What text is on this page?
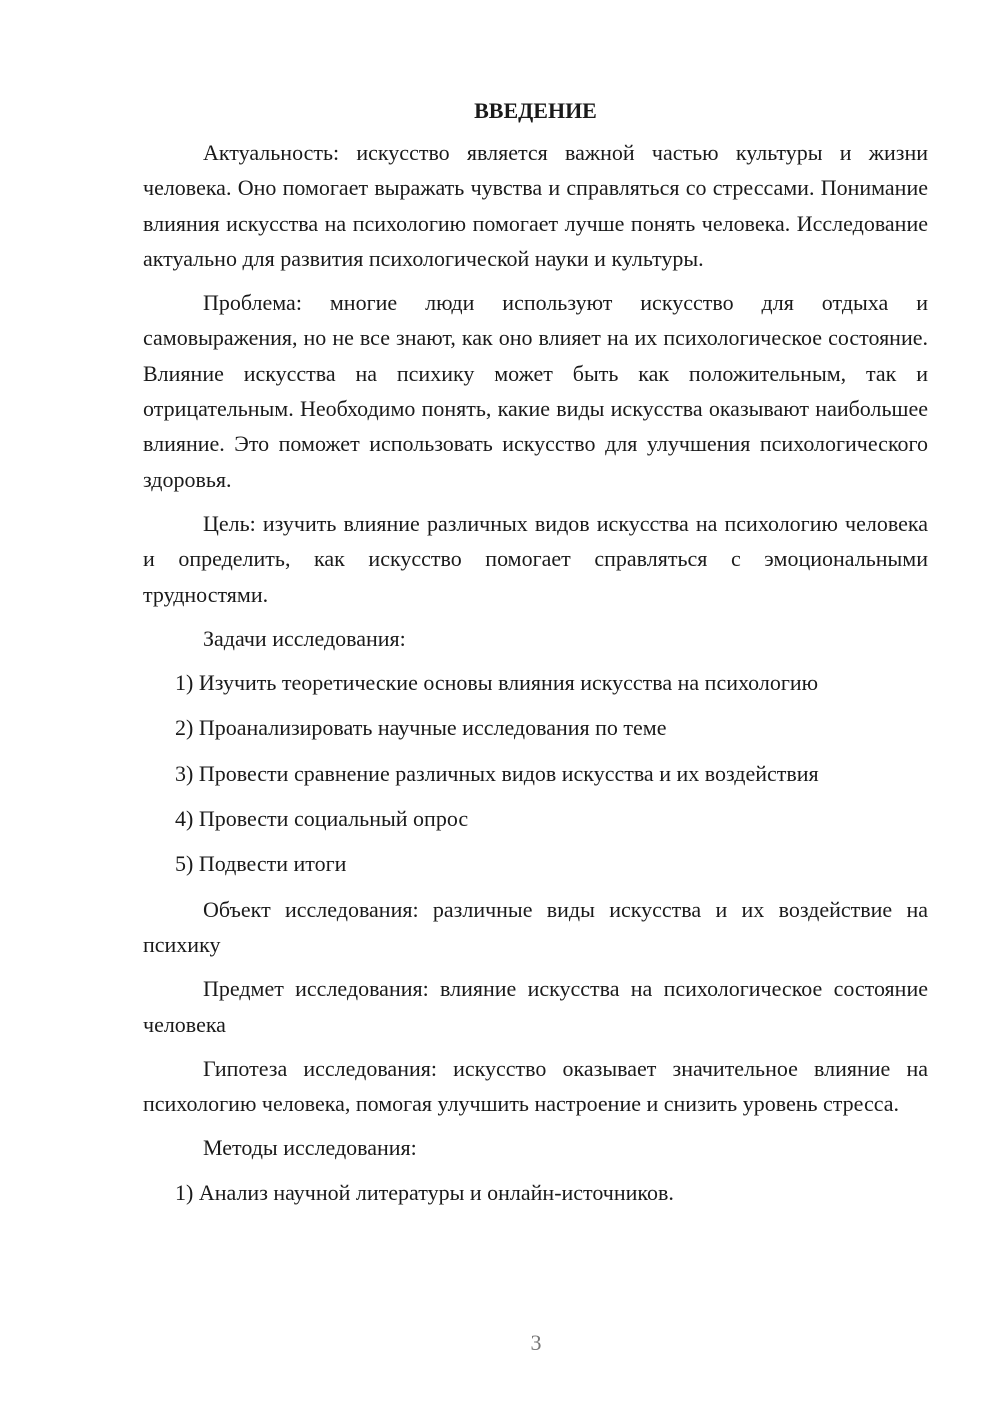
ВВЕДЕНИЕ

Актуальность: искусство является важной частью культуры и жизни человека. Оно помогает выражать чувства и справляться со стрессами. Понимание влияния искусства на психологию помогает лучше понять человека. Исследование актуально для развития психологической науки и культуры.

Проблема: многие люди используют искусство для отдыха и самовыражения, но не все знают, как оно влияет на их психологическое состояние. Влияние искусства на психику может быть как положительным, так и отрицательным. Необходимо понять, какие виды искусства оказывают наибольшее влияние. Это поможет использовать искусство для улучшения психологического здоровья.

Цель: изучить влияние различных видов искусства на психологию человека и определить, как искусство помогает справляться с эмоциональными трудностями.

Задачи исследования:

1) Изучить теоретические основы влияния искусства на психологию
2) Проанализировать научные исследования по теме
3) Провести сравнение различных видов искусства и их воздействия
4) Провести социальный опрос
5) Подвести итоги

Объект исследования: различные виды искусства и их воздействие на психику

Предмет исследования: влияние искусства на психологическое состояние человека

Гипотеза исследования: искусство оказывает значительное влияние на психологию человека, помогая улучшить настроение и снизить уровень стресса.

Методы исследования:

1) Анализ научной литературы и онлайн-источников.
3
